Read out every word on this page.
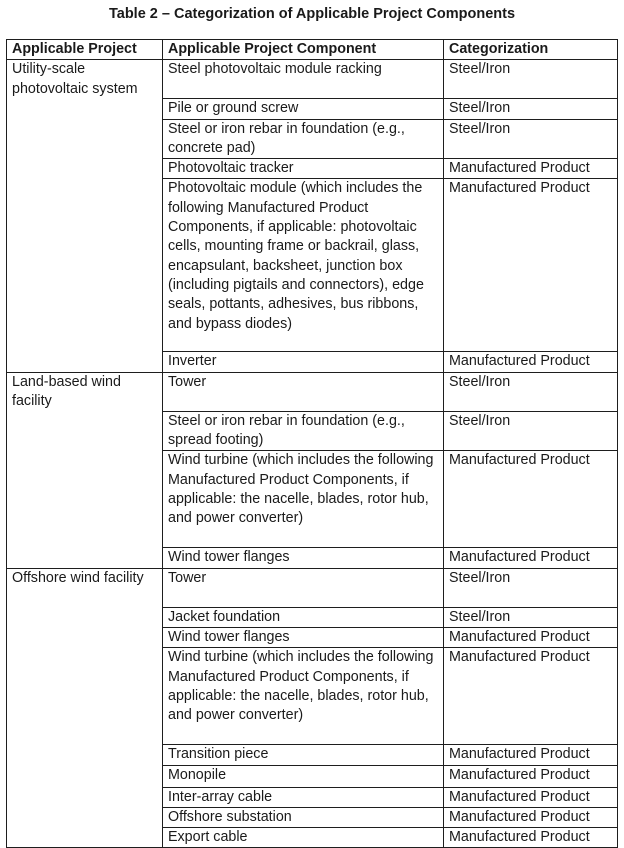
Table 2 – Categorization of Applicable Project Components
Applicable Project	Applicable Project Component	Categorization
Utility-scale photovoltaic system	Steel photovoltaic module racking	Steel/Iron
	Pile or ground screw	Steel/Iron
	Steel or iron rebar in foundation (e.g., concrete pad)	Steel/Iron
	Photovoltaic tracker	Manufactured Product
	Photovoltaic module (which includes the following Manufactured Product Components, if applicable: photovoltaic cells, mounting frame or backrail, glass, encapsulant, backsheet, junction box (including pigtails and connectors), edge seals, pottants, adhesives, bus ribbons, and bypass diodes)	Manufactured Product
	Inverter	Manufactured Product
Land-based wind facility	Tower	Steel/Iron
	Steel or iron rebar in foundation (e.g., spread footing)	Steel/Iron
	Wind turbine (which includes the following Manufactured Product Components, if applicable: the nacelle, blades, rotor hub, and power converter)	Manufactured Product
	Wind tower flanges	Manufactured Product
Offshore wind facility	Tower	Steel/Iron
	Jacket foundation	Steel/Iron
	Wind tower flanges	Manufactured Product
	Wind turbine (which includes the following Manufactured Product Components, if applicable: the nacelle, blades, rotor hub, and power converter)	Manufactured Product
	Transition piece	Manufactured Product
	Monopile	Manufactured Product
	Inter-array cable	Manufactured Product
	Offshore substation	Manufactured Product
	Export cable	Manufactured Product
